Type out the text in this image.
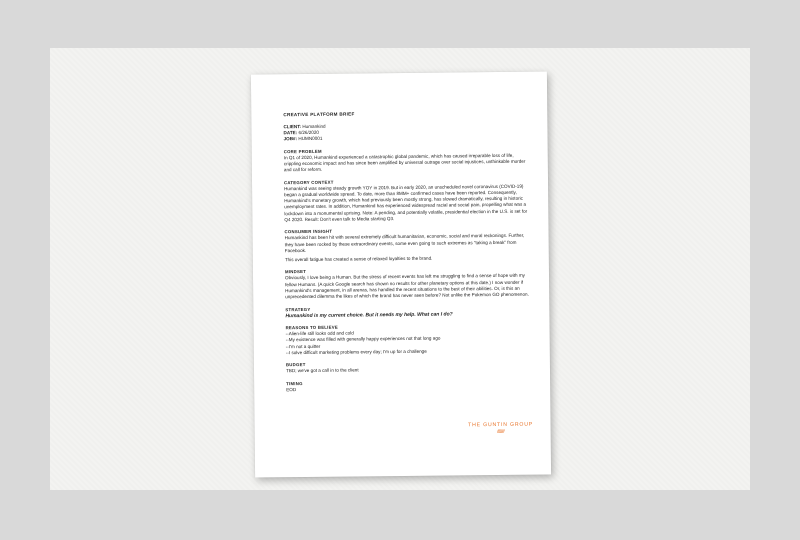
CREATIVE PLATFORM BRIEF
CLIENT: Humankind
DATE: 6/26/2020
JOB#: HUMN0001
CORE PROBLEM

In Q1 of 2020, Humankind experienced a catastrophic global pandemic, which has caused irreparable loss of life, crippling economic impact and has since been amplified by universal outrage over social injustices, unthinkable murder and call for reform.

CATEGORY CONTEXT

Humankind was seeing steady growth YOY in 2019. But in early 2020, an unscheduled novel coronavirus (COVID-19) began a gradual worldwide spread. To date, more than 8MM+ confirmed cases have been reported. Consequently, Humankind's monetary growth, which had previously been mostly strong, has slowed dramatically, resulting in historic unemployment rates. In addition, Humankind has experienced widespread racial and social pain, propelling what was a lockdown into a monumental uprising. Note: A pending, and potentially volatile, presidential election in the U.S. is set for Q4 2020. Result: Don't even talk to Media starting Q3.

CONSUMER INSIGHT

Humankind has been hit with several extremely difficult humanitarian, economic, social and moral reckonings. Further, they have been rocked by these extraordinary events, some even going to such extremes as "taking a break" from Facebook.

This overall fatigue has created a sense of relaxed loyalties to the brand.

MINDSET

Obviously, I love being a Human. But the stress of recent events has left me struggling to find a sense of hope with my fellow Humans. (A quick Google search has shown no results for other planetary options at this date.) I now wonder if Humankind's management, in all arenas, has handled the recent situations to the best of their abilities. Or, is this an unprecedented dilemma the likes of which the brand has never seen before? Not unlike the Pokemon GO phenomenon.

STRATEGY
Humankind is my current choice. But it needs my help. What can I do?
REASONS TO BELIEVE
--Alien-life still looks odd and cold
--My existence was filled with generally happy experiences not that long ago
--I'm not a quitter
--I solve difficult marketing problems every day; I'm up for a challenge
BUDGET
TBD; we've got a call in to the client
TIMING
EOD
THE GUNTIN GROUP
////////
